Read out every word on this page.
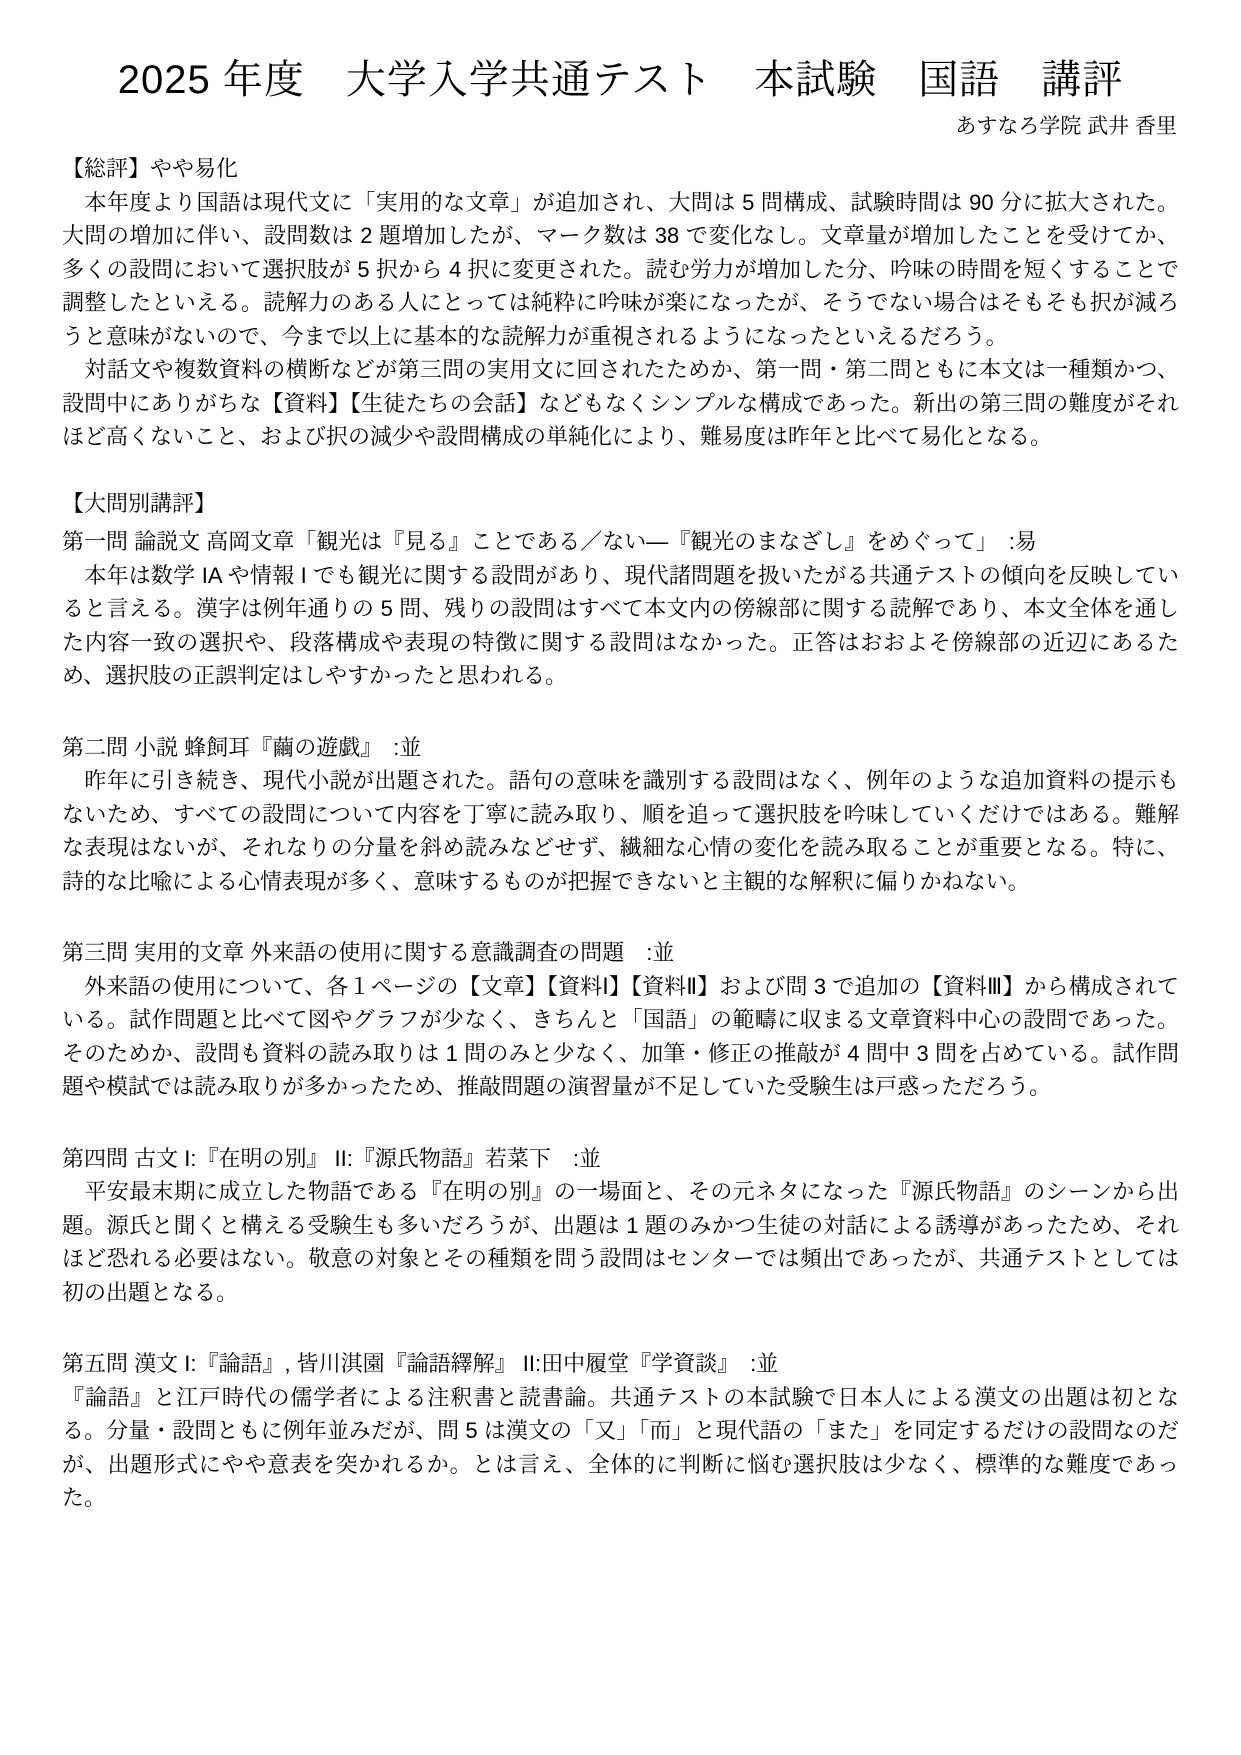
2025 年度　大学入学共通テスト　本試験　国語　講評
あすなろ学院 武井 香里

【総評】やや易化

　本年度より国語は現代文に「実用的な文章」が追加され、大問は 5 問構成、試験時間は 90 分に拡大された。大問の増加に伴い、設問数は 2 題増加したが、マーク数は 38 で変化なし。文章量が増加したことを受けてか、多くの設問において選択肢が 5 択から 4 択に変更された。読む労力が増加した分、吟味の時間を短くすることで調整したといえる。読解力のある人にとっては純粋に吟味が楽になったが、そうでない場合はそもそも択が減ろうと意味がないので、今まで以上に基本的な読解力が重視されるようになったといえるだろう。

　対話文や複数資料の横断などが第三問の実用文に回されたためか、第一問・第二問ともに本文は一種類かつ、設問中にありがちな【資料】【生徒たちの会話】などもなくシンプルな構成であった。新出の第三問の難度がそれほど高くないこと、および択の減少や設問構成の単純化により、難易度は昨年と比べて易化となる。

【大問別講評】

第一問 論説文 高岡文章「観光は『見る』ことである／ない―『観光のまなざし』をめぐって」　:易

　本年は数学 IA や情報 I でも観光に関する設問があり、現代諸問題を扱いたがる共通テストの傾向を反映していると言える。漢字は例年通りの 5 問、残りの設問はすべて本文内の傍線部に関する読解であり、本文全体を通した内容一致の選択や、段落構成や表現の特徴に関する設問はなかった。正答はおおよそ傍線部の近辺にあるため、選択肢の正誤判定はしやすかったと思われる。

第二問 小説 蜂飼耳『繭の遊戯』　:並

　昨年に引き続き、現代小説が出題された。語句の意味を識別する設問はなく、例年のような追加資料の提示もないため、すべての設問について内容を丁寧に読み取り、順を追って選択肢を吟味していくだけではある。難解な表現はないが、それなりの分量を斜め読みなどせず、繊細な心情の変化を読み取ることが重要となる。特に、詩的な比喩による心情表現が多く、意味するものが把握できないと主観的な解釈に偏りかねない。

第三問 実用的文章 外来語の使用に関する意識調査の問題　:並

　外来語の使用について、各１ページの【文章】【資料Ⅰ】【資料Ⅱ】および問 3 で追加の【資料Ⅲ】から構成されている。試作問題と比べて図やグラフが少なく、きちんと「国語」の範疇に収まる文章資料中心の設問であった。そのためか、設問も資料の読み取りは 1 問のみと少なく、加筆・修正の推敲が 4 問中 3 問を占めている。試作問題や模試では読み取りが多かったため、推敲問題の演習量が不足していた受験生は戸惑っただろう。

第四問 古文 I:『在明の別』 II:『源氏物語』若菜下　:並

　平安最末期に成立した物語である『在明の別』の一場面と、その元ネタになった『源氏物語』のシーンから出題。源氏と聞くと構える受験生も多いだろうが、出題は 1 題のみかつ生徒の対話による誘導があったため、それほど恐れる必要はない。敬意の対象とその種類を問う設問はセンターでは頻出であったが、共通テストとしては初の出題となる。

第五問 漢文 I:『論語』, 皆川淇園『論語繹解』 II:田中履堂『学資談』　:並

『論語』と江戸時代の儒学者による注釈書と読書論。共通テストの本試験で日本人による漢文の出題は初となる。分量・設問ともに例年並みだが、問 5 は漢文の「又」「而」と現代語の「また」を同定するだけの設問なのだが、出題形式にやや意表を突かれるか。とは言え、全体的に判断に悩む選択肢は少なく、標準的な難度であった。
